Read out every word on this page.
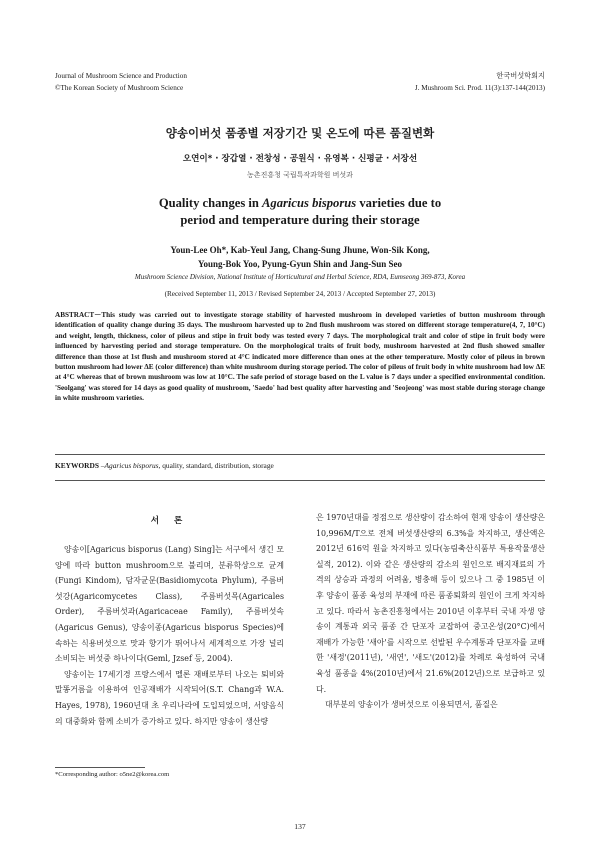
Journal of Mushroom Science and Production
©The Korean Society of Mushroom Science
한국버섯학회지
J. Mushroom Sci. Prod. 11(3):137-144(2013)
양송이버섯 품종별 저장기간 및 온도에 따른 품질변화
오연이* · 장갑열 · 전창성 · 공원식 · 유영복 · 신평균 · 서장선
농촌진흥청 국립특작과학원 버섯과
Quality changes in Agaricus bisporus varieties due to
period and temperature during their storage
Youn-Lee Oh*, Kab-Yeul Jang, Chang-Sung Jhune, Won-Sik Kong,
Young-Bok Yoo, Pyung-Gyun Shin and Jang-Sun Seo
Mushroom Science Division, National Institute of Horticultural and Herbal Science, RDA, Eumseong 369-873, Korea
(Received September 11, 2013 / Revised September 24, 2013 / Accepted September 27, 2013)

ABSTRACT－This study was carried out to investigate storage stability of harvested mushroom in developed varieties of button mushroom through identification of quality change during 35 days. The mushroom harvested up to 2nd flush mushroom was stored on different storage temperature(4, 7, 10°C) and weight, length, thickness, color of pileus and stipe in fruit body was tested every 7 days. The morphological trait and color of stipe in fruit body were influenced by harvesting period and storage temperature. On the morphological traits of fruit body, mushroom harvested at 2nd flush showed smaller difference than those at 1st flush and mushroom stored at 4°C indicated more difference than ones at the other temperature. Mostly color of pileus in brown button mushroom had lower ΔE (color difference) than white mushroom during storage period. The color of pileus of fruit body in white mushroom had low ΔE at 4°C whereas that of brown mushroom was low at 10°C. The safe period of storage based on the L value is 7 days under a specified environmental condition. 'Seolgang' was stored for 14 days as good quality of mushroom, 'Saedo' had best quality after harvesting and 'Seojeong' was most stable during storage change in white mushroom varieties.

KEYWORDS –Agaricus bisporus, quality, standard, distribution, storage
서 론

양송이[Agaricus bisporus (Lang) Sing]는 서구에서 생긴 모양에 따라 button mushroom으로 불리며, 분류학상으로 균계(Fungi Kindom), 담자균문(Basidiomycota Phylum), 주름버섯강(Agaricomycetes Class), 주름버섯목(Agaricales Order), 주름버섯과(Agaricaceae Family), 주름버섯속(Agaricus Genus), 양송이종(Agaricus bisporus Species)에 속하는 식용버섯으로 맛과 향기가 뛰어나서 세계적으로 가장 널리 소비되는 버섯중 하나이다(Geml, Jzsef 등, 2004).

양송이는 17세기경 프랑스에서 멜론 재배로부터 나오는 퇴비와 말똥거름을 이용하여 인공재배가 시작되어(S.T. Chang과 W.A. Hayes, 1978), 1960년대 초 우리나라에 도입되었으며, 서양음식의 대중화와 함께 소비가 증가하고 있다. 하지만 양송이 생산량

은 1970년대를 정점으로 생산량이 감소하여 현재 양송이 생산량은 10,996M/T으로 전체 버섯생산량의 6.3%을 차지하고, 생산액은 2012년 616억 원을 차지하고 있다(농림축산식품부 특용작물생산실적, 2012). 이와 같은 생산량의 감소의 원인으로 배지재료의 가격의 상승과 과정의 어려움, 병충해 등이 있으나 그 중 1985년 이후 양송이 품종 육성의 부재에 따른 품종퇴화의 원인이 크게 차지하고 있다. 따라서 농촌진흥청에서는 2010년 이후부터 국내 자생 양송이 계통과 외국 품종 간 단포자 교잡하여 중고온성(20°C)에서 재배가 가능한 '새아'를 시작으로 선발된 우수계통과 단포자를 교배한 '새정'(2011년), '새연', '새도'(2012)를 차례로 육성하여 국내 육성 품종을 4%(2010년)에서 21.6%(2012년)으로 보급하고 있다.

대부분의 양송이가 생버섯으로 이용되면서, 품질은

*Corresponding author: o5ne2@korea.com
137
